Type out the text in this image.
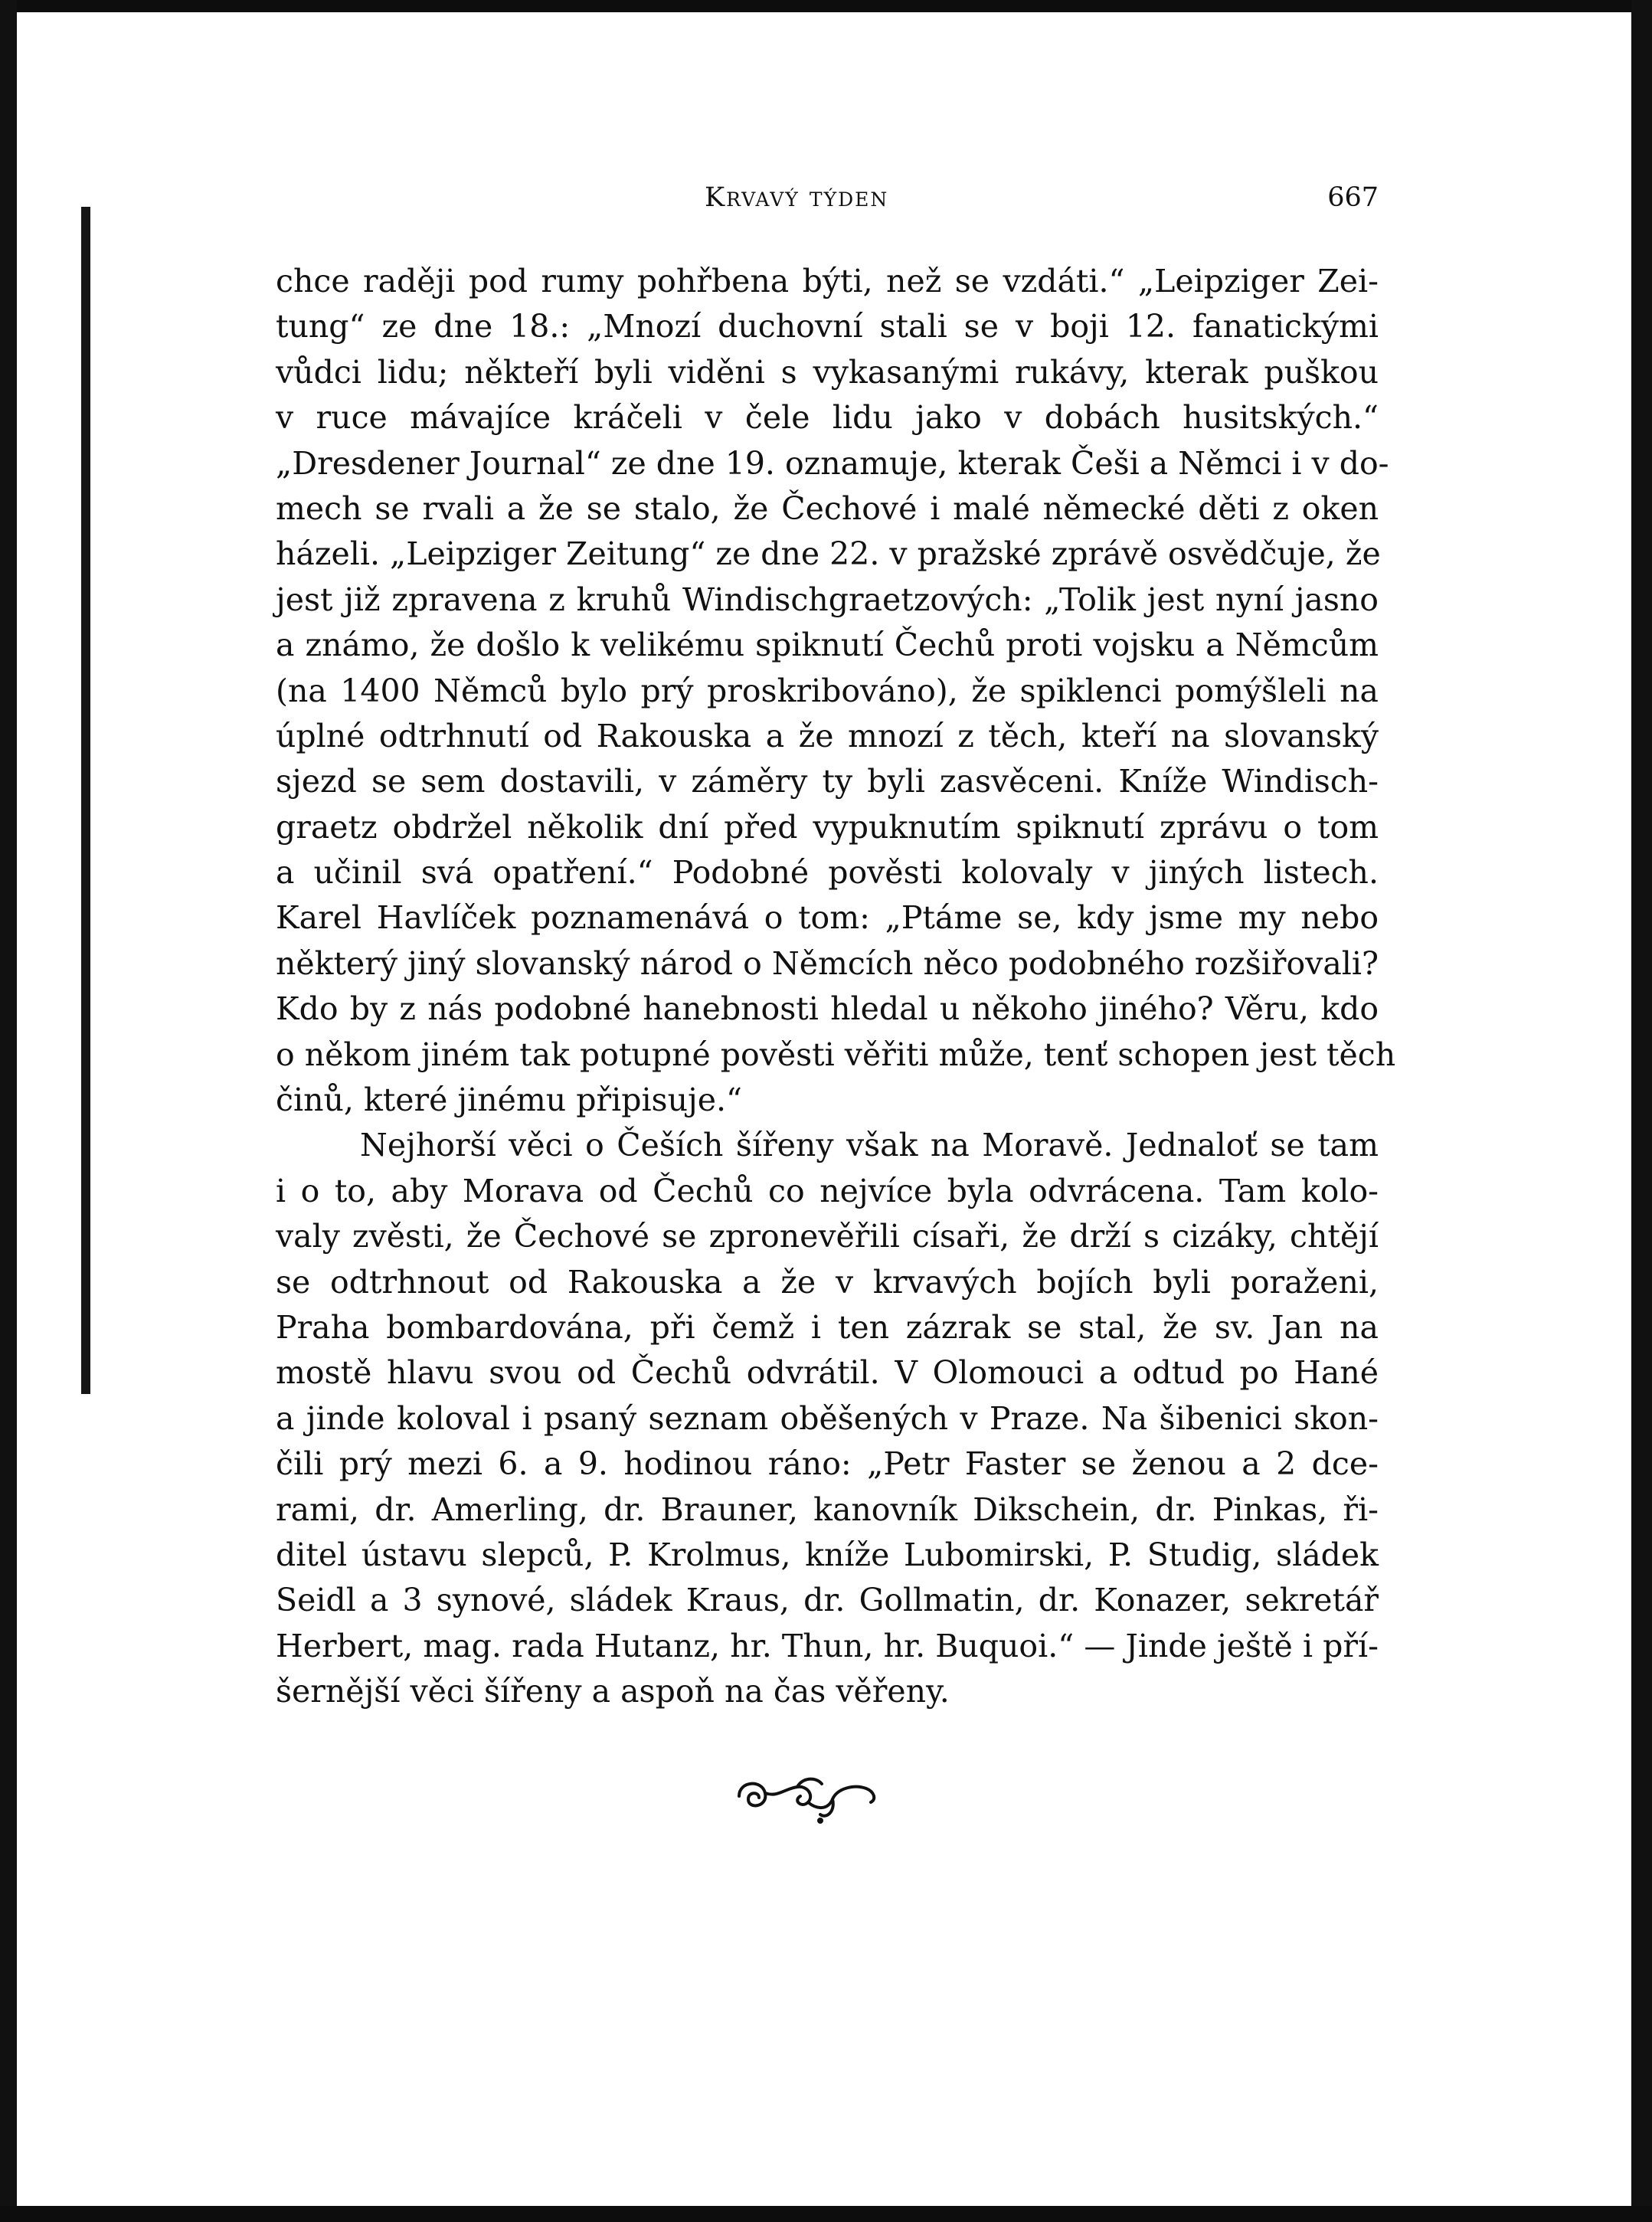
Krvavý týden	667
chce raději pod rumy pohřbena býti, než se vzdáti.“ „Leipziger Zei-
tung“ ze dne 18.: „Mnozí duchovní stali se v boji 12. fanatickými
vůdci lidu; někteří byli viděni s vykasanými rukávy, kterak puškou
v ruce mávajíce kráčeli v čele lidu jako v dobách husitských.“
„Dresdener Journal“ ze dne 19. oznamuje, kterak Češi a Němci i v do-
mech se rvali a že se stalo, že Čechové i malé německé děti z oken
házeli. „Leipziger Zeitung“ ze dne 22. v pražské zprávě osvědčuje, že
jest již zpravena z kruhů Windischgraetzových: „Tolik jest nyní jasno
a známo, že došlo k velikému spiknutí Čechů proti vojsku a Němcům
(na 1400 Němců bylo prý proskribováno), že spiklenci pomýšleli na
úplné odtrhnutí od Rakouska a že mnozí z těch, kteří na slovanský
sjezd se sem dostavili, v záměry ty byli zasvěceni. Kníže Windisch-
graetz obdržel několik dní před vypuknutím spiknutí zprávu o tom
a učinil svá opatření.“ Podobné pověsti kolovaly v jiných listech.
Karel Havlíček poznamenává o tom: „Ptáme se, kdy jsme my nebo
některý jiný slovanský národ o Němcích něco podobného rozšiřovali?
Kdo by z nás podobné hanebnosti hledal u někoho jiného? Věru, kdo
o někom jiném tak potupné pověsti věřiti může, tenť schopen jest těch
činů, které jinému připisuje.“
Nejhorší věci o Češích šířeny však na Moravě. Jednaloť se tam
i o to, aby Morava od Čechů co nejvíce byla odvrácena. Tam kolo-
valy zvěsti, že Čechové se zpronevěřili císaři, že drží s cizáky, chtějí
se odtrhnout od Rakouska a že v krvavých bojích byli poraženi,
Praha bombardována, při čemž i ten zázrak se stal, že sv. Jan na
mostě hlavu svou od Čechů odvrátil. V Olomouci a odtud po Hané
a jinde koloval i psaný seznam oběšených v Praze. Na šibenici skon-
čili prý mezi 6. a 9. hodinou ráno: „Petr Faster se ženou a 2 dce-
rami, dr. Amerling, dr. Brauner, kanovník Dikschein, dr. Pinkas, ři-
ditel ústavu slepců, P. Krolmus, kníže Lubomirski, P. Studig, sládek
Seidl a 3 synové, sládek Kraus, dr. Gollmatin, dr. Konazer, sekretář
Herbert, mag. rada Hutanz, hr. Thun, hr. Buquoi.“ — Jinde ještě i pří-
šernější věci šířeny a aspoň na čas věřeny.
